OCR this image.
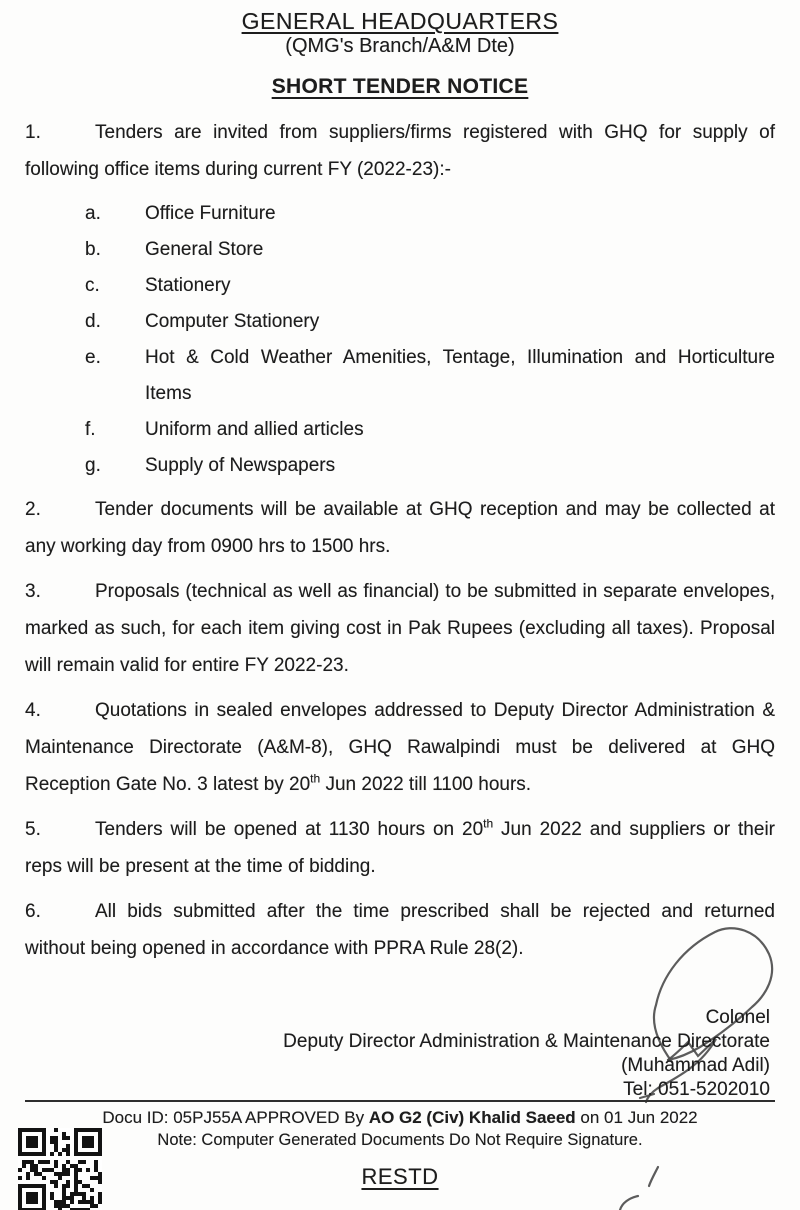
GENERAL HEADQUARTERS
(QMG's Branch/A&M Dte)
SHORT TENDER NOTICE

1.	Tenders are invited from suppliers/firms registered with GHQ for supply of following office items during current FY (2022-23):-

a. Office Furniture
b. General Store
c. Stationery
d. Computer Stationery
e. Hot & Cold Weather Amenities, Tentage, Illumination and Horticulture Items
f.	Uniform and allied articles
g. Supply of Newspapers

2.	Tender documents will be available at GHQ reception and may be collected at any working day from 0900 hrs to 1500 hrs.

3.	Proposals (technical as well as financial) to be submitted in separate envelopes, marked as such, for each item giving cost in Pak Rupees (excluding all taxes). Proposal will remain valid for entire FY 2022-23.

4.	Quotations in sealed envelopes addressed to Deputy Director Administration & Maintenance Directorate (A&M-8), GHQ Rawalpindi must be delivered at GHQ Reception Gate No. 3 latest by 20th Jun 2022 till 1100 hours.

5.	Tenders will be opened at 1130 hours on 20th Jun 2022 and suppliers or their reps will be present at the time of bidding.

6.	All bids submitted after the time prescribed shall be rejected and returned without being opened in accordance with PPRA Rule 28(2).

Colonel
Deputy Director Administration & Maintenance Directorate
(Muhammad Adil)
Tel: 051-5202010
Docu ID: 05PJ55A APPROVED By AO G2 (Civ) Khalid Saeed on 01 Jun 2022
Note: Computer Generated Documents Do Not Require Signature.
RESTD
